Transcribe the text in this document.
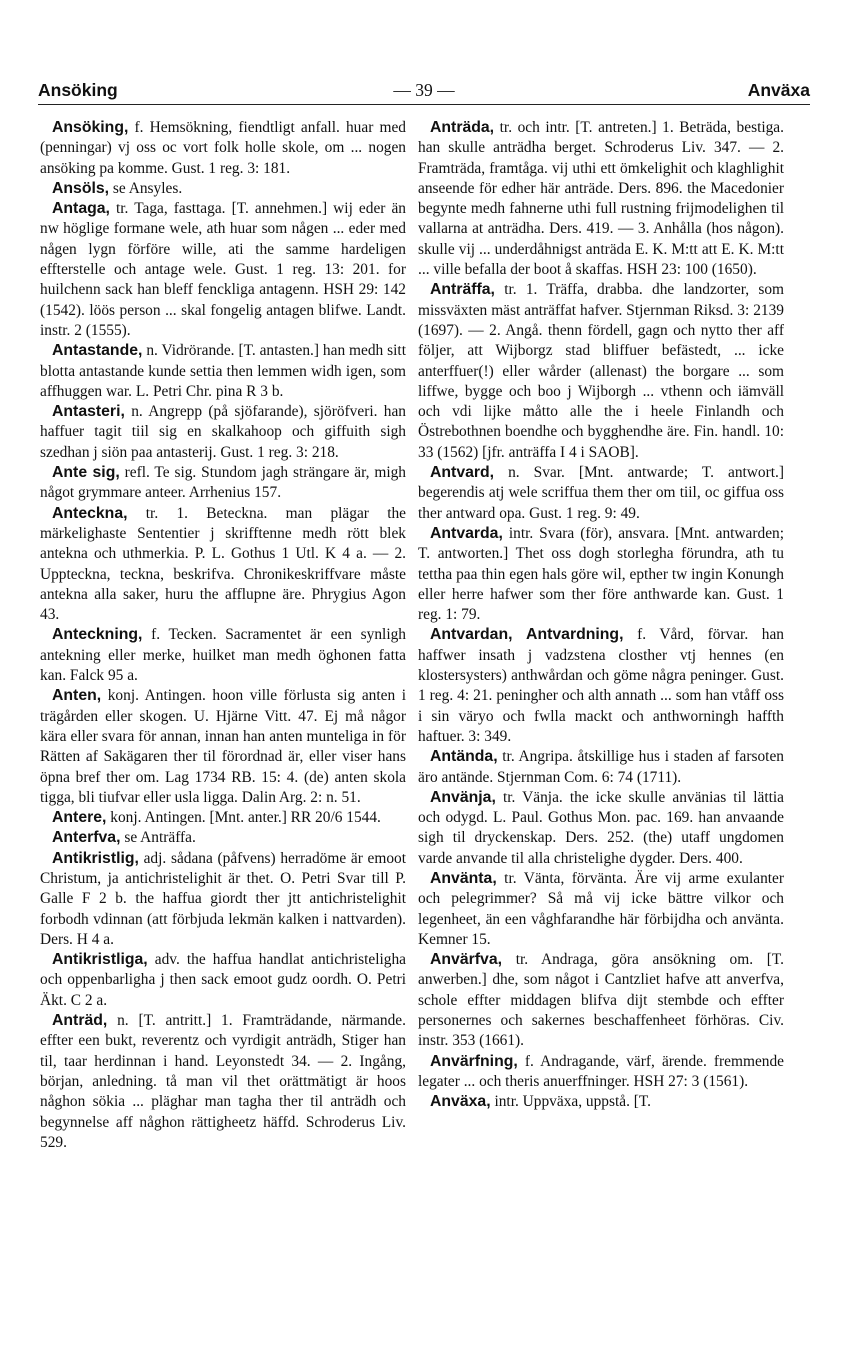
— 39 —
Ansöking	Anväxa

Ansöking, f. Hemsökning, fiendtligt anfall. huar med (penningar) vj oss oc vort folk holle skole, om ... nogen ansöking pa komme. Gust. 1 reg. 3: 181.

Ansöls, se Ansyles.

Antaga, tr. Taga, fasttaga. [T. annehmen.] wij eder än nw höglige formane wele, ath huar som någen ... eder med någen lygn förföre wille, ati the samme hardeligen effterstelle och antage wele. Gust. 1 reg. 13: 201. for huilchenn sack han bleff fenckliga antagenn. HSH 29: 142 (1542). löös person ... skal fongelig antagen blifwe. Landt. instr. 2 (1555).

Antastande, n. Vidrörande. [T. antasten.] han medh sitt blotta antastande kunde settia then lemmen widh igen, som affhuggen war. L. Petri Chr. pina R 3 b.

Antasteri, n. Angrepp (på sjöfarande), sjöröfveri. han haffuer tagit tiil sig en skalkahoop och giffuith sigh szedhan j siön paa antasterij. Gust. 1 reg. 3: 218.

Ante sig, refl. Te sig. Stundom jagh strängare är, migh något grymmare anteer. Arrhenius 157.

Anteckna, tr. 1. Beteckna. man plägar the märkelighaste Sententier j skrifftenne medh rött blek antekna och uthmerkia. P. L. Gothus 1 Utl. K 4 a. — 2. Uppteckna, teckna, beskrifva. Chronikeskriffvare måste antekna alla saker, huru the afflupne äre. Phrygius Agon 43.

Anteckning, f. Tecken. Sacramentet är een synligh antekning eller merke, huilket man medh öghonen fatta kan. Falck 95 a.

Anten, konj. Antingen. hoon ville förlusta sig anten i trägården eller skogen. U. Hjärne Vitt. 47. Ej må någor kära eller svara för annan, innan han anten munteliga in för Rätten af Sakägaren ther til förordnad är, eller viser hans öpna bref ther om. Lag 1734 RB. 15: 4. (de) anten skola tigga, bli tiufvar eller usla ligga. Dalin Arg. 2: n. 51.

Antere, konj. Antingen. [Mnt. anter.] RR 20/6 1544.

Anterfva, se Anträffa.

Antikristlig, adj. sådana (påfvens) herradöme är emoot Christum, ja antichristelighit är thet. O. Petri Svar till P. Galle F 2 b. the haffua giordt ther jtt antichristelighit forbodh vdinnan (att förbjuda lekmän kalken i nattvarden). Ders. H 4 a.

Antikristliga, adv. the haffua handlat antichristeligha och oppenbarligha j then sack emoot gudz oordh. O. Petri Äkt. C 2 a.

Anträd, n. [T. antritt.] 1. Framträdande, närmande. effter een bukt, reverentz och vyrdigit anträdh, Stiger han til, taar herdinnan i hand. Leyonstedt 34. — 2. Ingång, början, anledning. tå man vil thet orättmätigt är hoos någhon sökia ... pläghar man tagha ther til anträdh och begynnelse aff någhon rättigheetz häffd. Schroderus Liv. 529.

Anträda, tr. och intr. [T. antreten.] 1. Beträda, bestiga. han skulle anträdha berget. Schroderus Liv. 347. — 2. Framträda, framtåga. vij uthi ett ömkelighit och klaghlighit anseende för edher här anträde. Ders. 896. the Macedonier begynte medh fahnerne uthi full rustning frijmodelighen til vallarna at anträdha. Ders. 419. — 3. Anhålla (hos någon). skulle vij ... underdåhnigst anträda E. K. M:tt att E. K. M:tt ... ville befalla der boot å skaffas. HSH 23: 100 (1650).

Anträffa, tr. 1. Träffa, drabba. dhe landzorter, som missväxten mäst anträffat hafver. Stjernman Riksd. 3: 2139 (1697). — 2. Angå. thenn fördell, gagn och nytto ther aff följer, att Wijborgz stad bliffuer befästedt, ... icke anterffuer(!) eller wårder (allenast) the borgare ... som liffwe, bygge och boo j Wijborgh ... vthenn och iämväll och vdi lijke måtto alle the i heele Finlandh och Östrebothnen boendhe och bygghendhe äre. Fin. handl. 10: 33 (1562) [jfr. anträffa I 4 i SAOB].

Antvard, n. Svar. [Mnt. antwarde; T. antwort.] begerendis atj wele scriffua them ther om tiil, oc giffua oss ther antward opa. Gust. 1 reg. 9: 49.

Antvarda, intr. Svara (för), ansvara. [Mnt. antwarden; T. antworten.] Thet oss dogh storlegha förundra, ath tu tettha paa thin egen hals göre wil, epther tw ingin Konungh eller herre hafwer som ther före anthwarde kan. Gust. 1 reg. 1: 79.

Antvardan, Antvardning, f. Vård, förvar. han haffwer insath j vadzstena closther vtj hennes (en klostersysters) anthwårdan och göme några peninger. Gust. 1 reg. 4: 21. peningher och alth annath ... som han vtåff oss i sin väryo och fwlla mackt och anthworningh haffth haftuer. 3: 349.

Antända, tr. Angripa. åtskillige hus i staden af farsoten äro antände. Stjernman Com. 6: 74 (1711).

Använja, tr. Vänja. the icke skulle använias til lättia och odygd. L. Paul. Gothus Mon. pac. 169. han anvaande sigh til dryckenskap. Ders. 252. (the) utaff ungdomen varde anvande til alla christelighe dygder. Ders. 400.

Använta, tr. Vänta, förvänta. Äre vij arme exulanter och pelegrimmer? Så må vij icke bättre vilkor och legenheet, än een våghfarandhe här förbijdha och använta. Kemner 15.

Anvärfva, tr. Andraga, göra ansökning om. [T. anwerben.] dhe, som något i Cantzliet hafve att anverfva, schole effter middagen blifva dijt stembde och effter personernes och sakernes beschaffenheet förhöras. Civ. instr. 353 (1661).

Anvärfning, f. Andragande, värf, ärende. fremmende legater ... och theris anuerffninger. HSH 27: 3 (1561).

Anväxa, intr. Uppväxa, uppstå. [T.
